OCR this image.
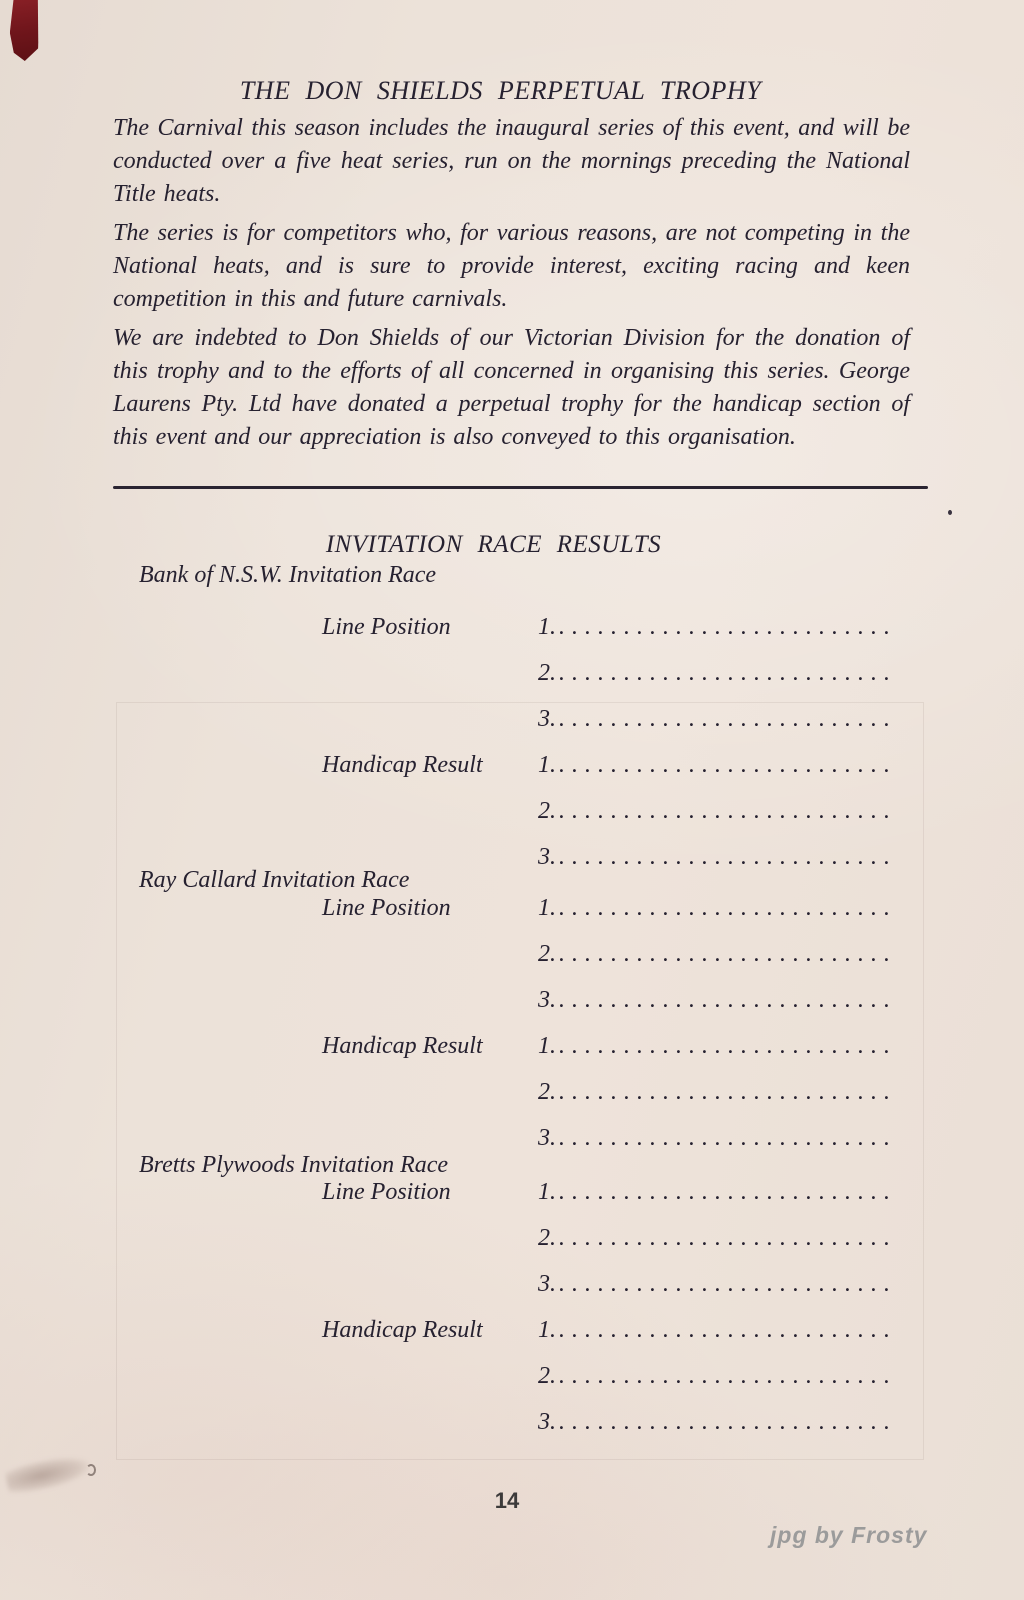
THE DON SHIELDS PERPETUAL TROPHY

The Carnival this season includes the inaugural series of this event, and will be conducted over a five heat series, run on the mornings preceding the National Title heats.

The series is for competitors who, for various reasons, are not competing in the National heats, and is sure to provide interest, exciting racing and keen competition in this and future carnivals.

We are indebted to Don Shields of our Victorian Division for the donation of this trophy and to the efforts of all concerned in organising this series. George Laurens Pty. Ltd have donated a perpetual trophy for the handicap section of this event and our appreciation is also conveyed to this organisation.

INVITATION RACE RESULTS
Bank of N.S.W. Invitation Race
Line Position	1. ..........................
2. ..........................
3. ..........................
Handicap Result	1. ..........................
2. ..........................
3. ..........................
Ray Callard Invitation Race
Line Position	1. ..........................
2. ..........................
3. ..........................
Handicap Result	1. ..........................
2. ..........................
3. ..........................
Bretts Plywoods Invitation Race
Line Position	1. ..........................
2. ..........................
3. ..........................
Handicap Result	1. ..........................
2. ..........................
3. ..........................
14
jpg by Frosty
